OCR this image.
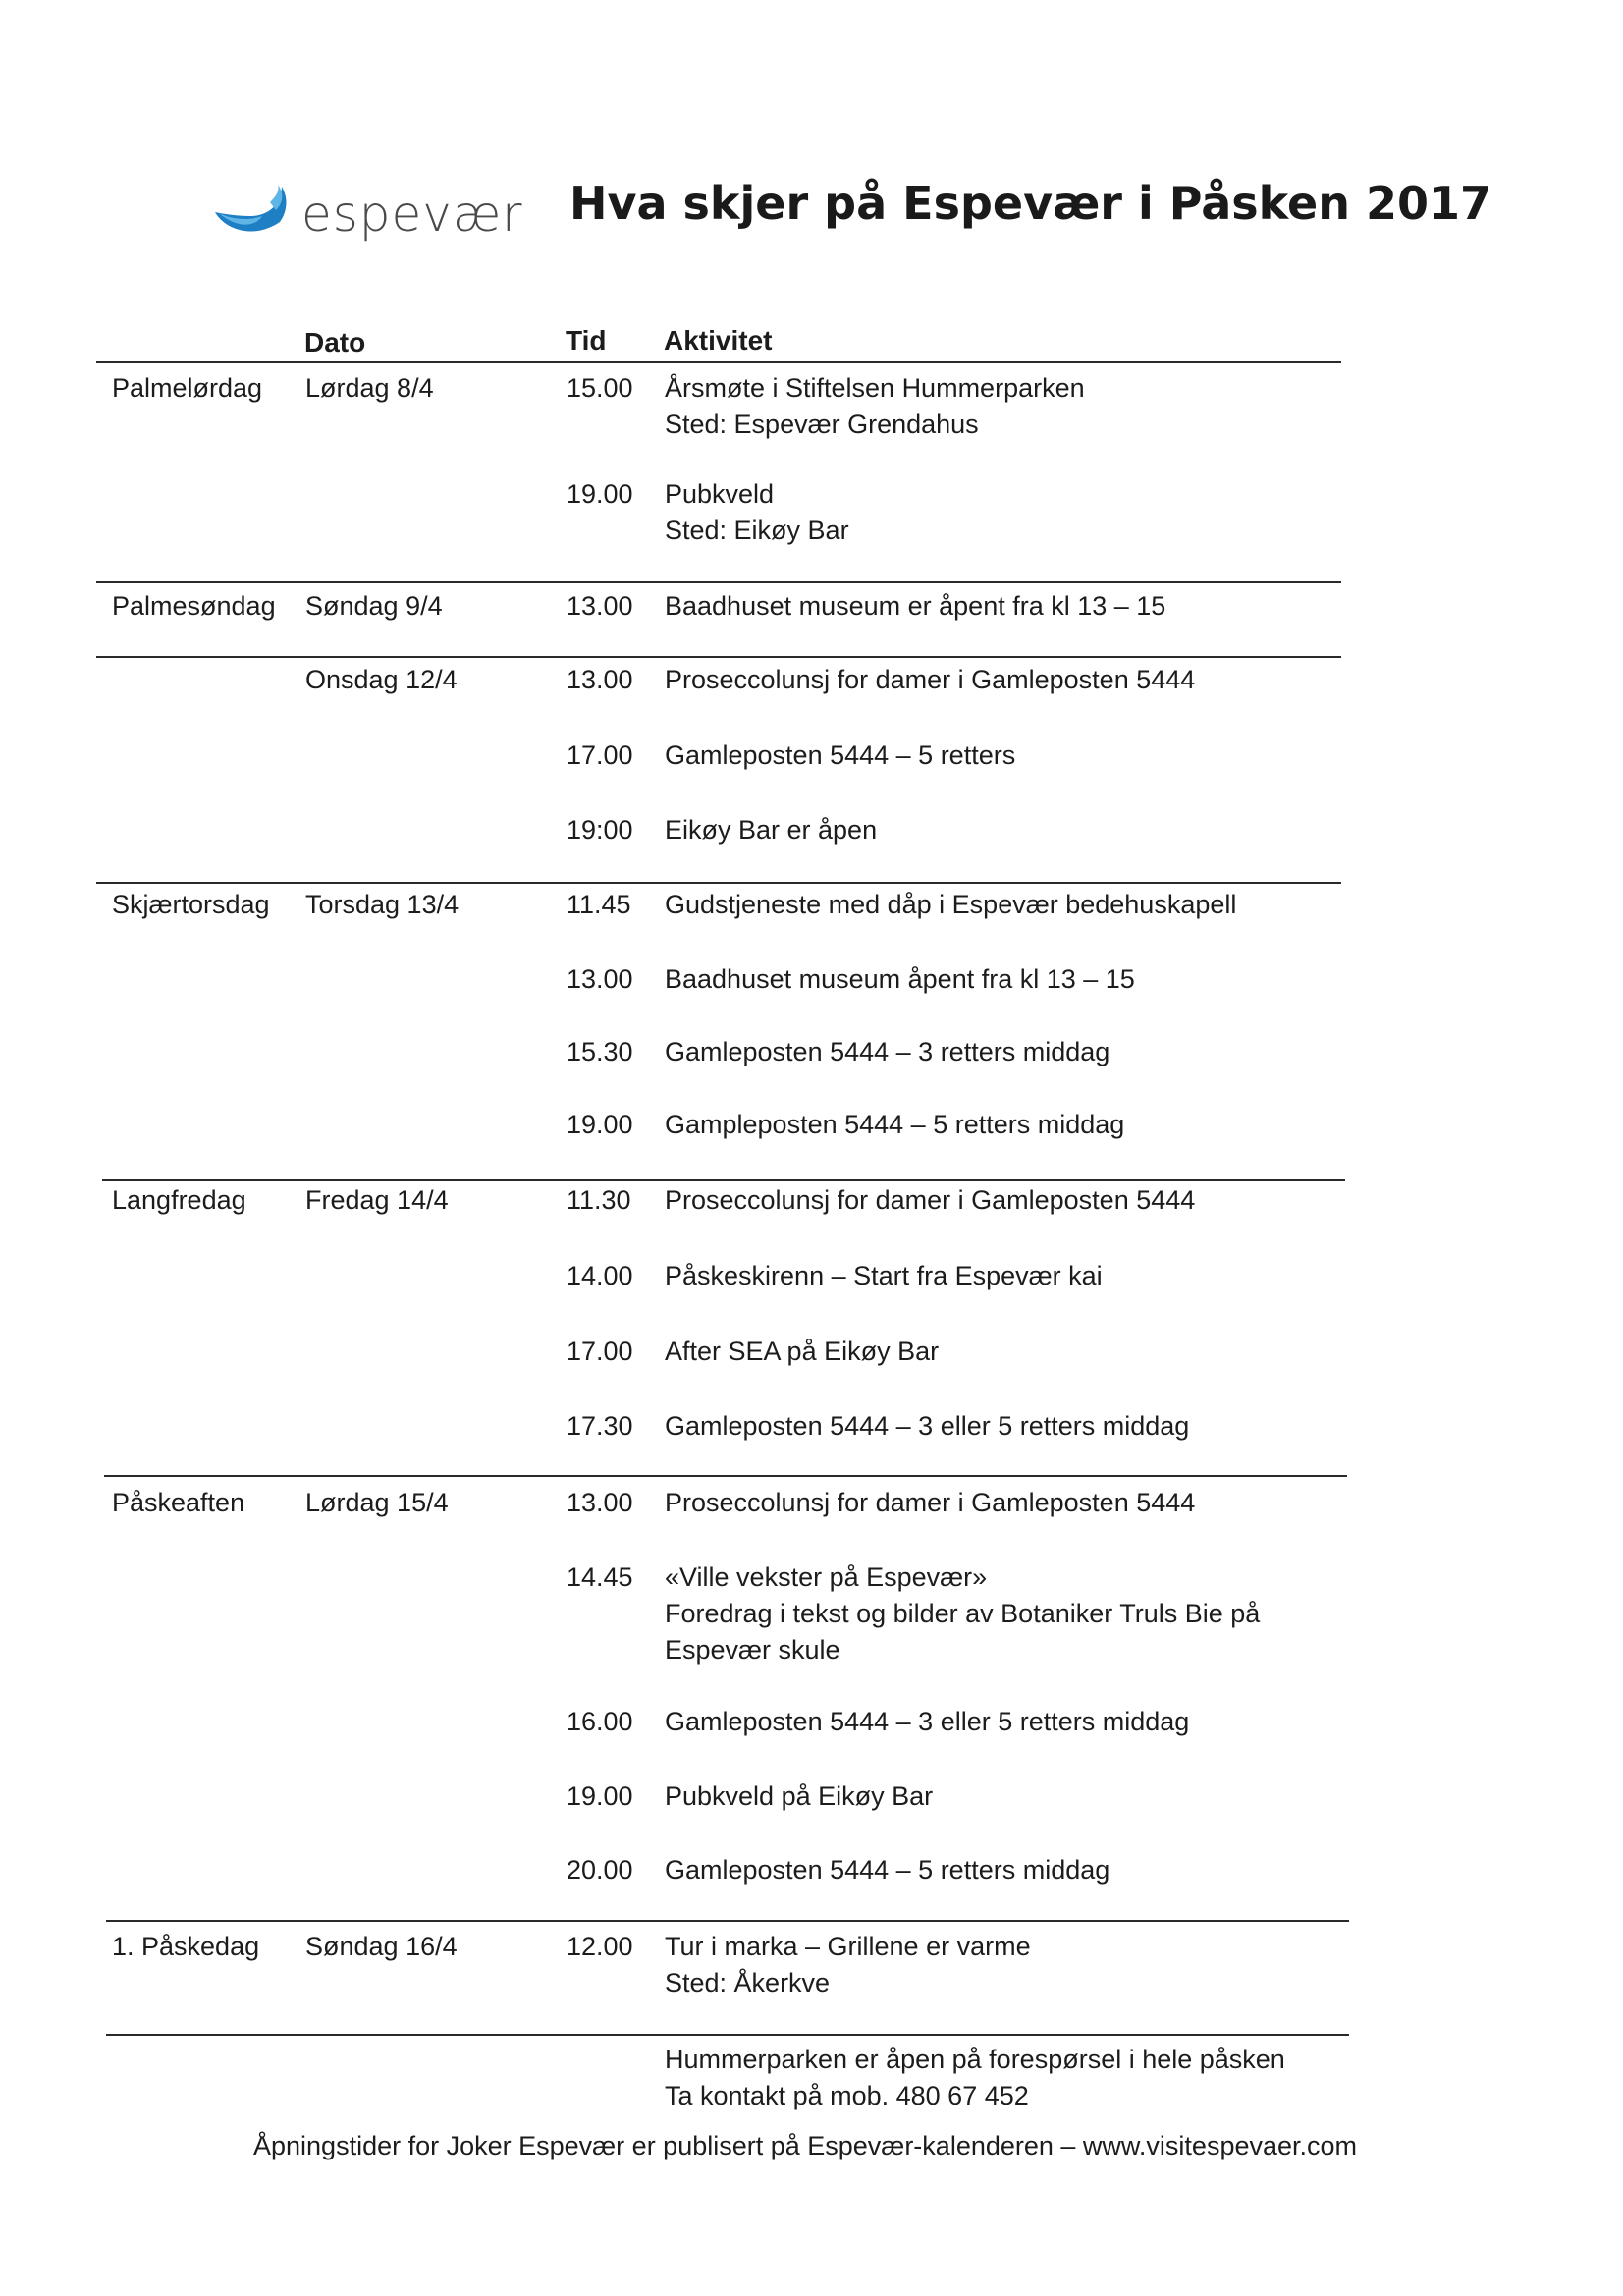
espevær Hva skjer på Espevær i Påsken 2017
Dato	Tid Aktivitet
Palmelørdag Lørdag 8/4	15.00 Årsmøte i Stiftelsen Hummerparken
Sted: Espevær Grendahus
19.00 Pubkveld
Sted: Eikøy Bar
Palmesøndag Søndag 9/4	13.00 Baadhuset museum er åpent fra kl 13 – 15
Onsdag 12/4	13.00 Proseccolunsj for damer i Gamleposten 5444
17.00 Gamleposten 5444 – 5 retters
19:00 Eikøy Bar er åpen
Skjærtorsdag Torsdag 13/4	11.45 Gudstjeneste med dåp i Espevær bedehuskapell
13.00 Baadhuset museum åpent fra kl 13 – 15
15.30 Gamleposten 5444 – 3 retters middag
19.00 Gampleposten 5444 – 5 retters middag
Langfredag Fredag 14/4	11.30 Proseccolunsj for damer i Gamleposten 5444
14.00 Påskeskirenn – Start fra Espevær kai
17.00 After SEA på Eikøy Bar
17.30 Gamleposten 5444 – 3 eller 5 retters middag
Påskeaften Lørdag 15/4	13.00 Proseccolunsj for damer i Gamleposten 5444
14.45 «Ville vekster på Espevær»
Foredrag i tekst og bilder av Botaniker Truls Bie på
Espevær skule
16.00 Gamleposten 5444 – 3 eller 5 retters middag
19.00 Pubkveld på Eikøy Bar
20.00 Gamleposten 5444 – 5 retters middag
1. Påskedag Søndag 16/4	12.00 Tur i marka – Grillene er varme
Sted: Åkerkve
Hummerparken er åpen på forespørsel i hele påsken
Ta kontakt på mob. 480 67 452
Åpningstider for Joker Espevær er publisert på Espevær-kalenderen – www.visitespevaer.com
